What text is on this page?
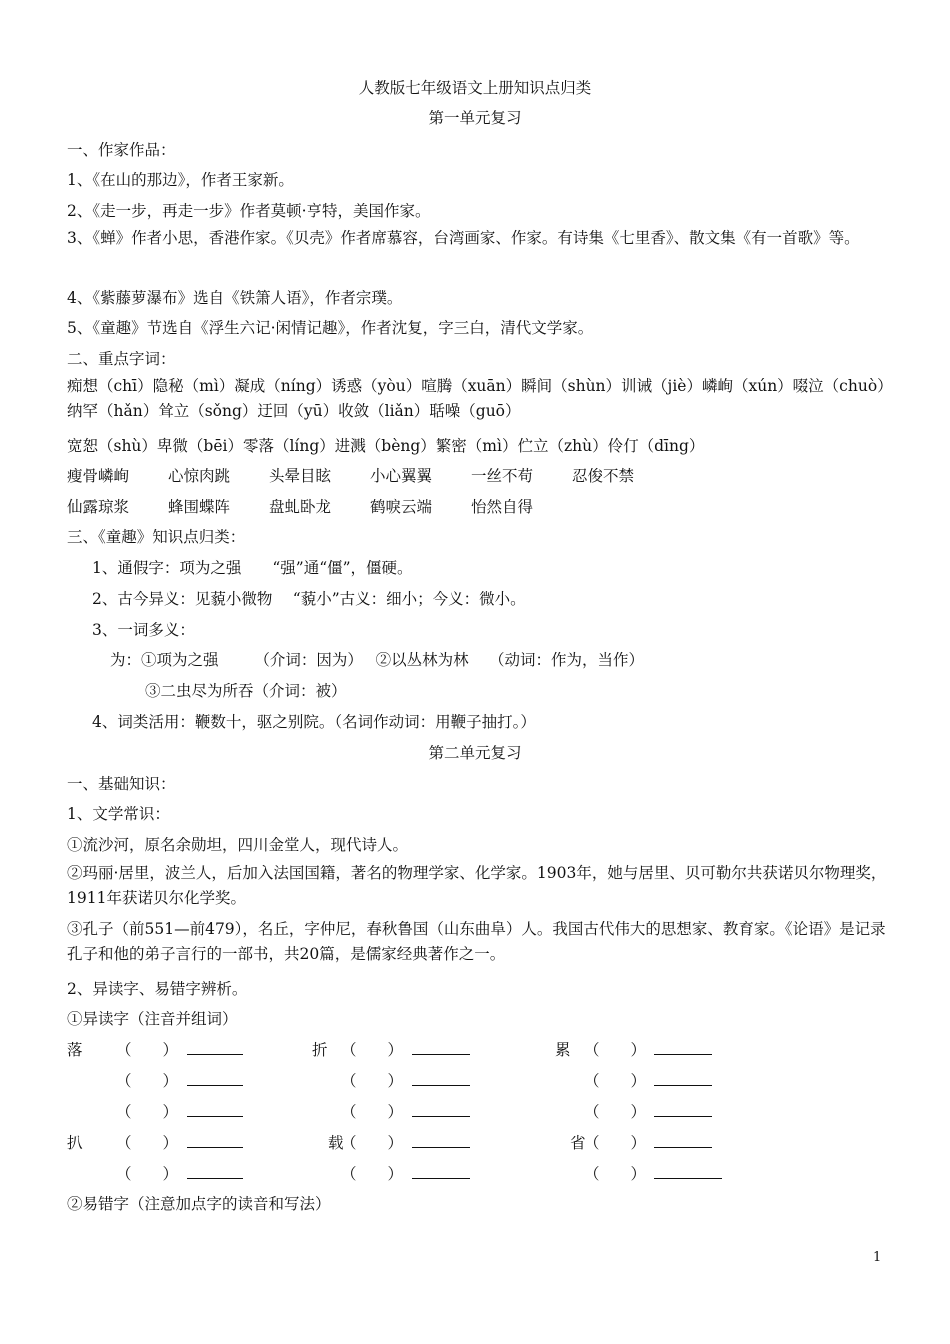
人教版七年级语文上册知识点归类
第一单元复习
一、作家作品：
1、《在山的那边》，作者王家新。
2、《走一步，再走一步》作者莫顿·亨特，美国作家。
3、《蝉》作者小思，香港作家。《贝壳》作者席慕容，台湾画家、作家。有诗集《七里香》、散文集《有一首歌》等。
4、《紫藤萝瀑布》选自《铁箫人语》，作者宗璞。
5、《童趣》节选自《浮生六记·闲情记趣》，作者沈复，字三白，清代文学家。
二、重点字词：
痴想（chī）隐秘（mì）凝成（níng）诱惑（yòu）喧腾（xuān）瞬间（shùn）训诫（jiè）嶙峋（xún）啜泣（chuò）纳罕（hǎn）耸立（sǒng）迂回（yū）收敛（liǎn）聒噪（guō）
宽恕（shù）卑微（bēi）零落（líng）进溅（bèng）繁密（mì）伫立（zhù）伶仃（dīng）
瘦骨嶙峋	心惊肉跳	头晕目眩	小心翼翼	一丝不苟	忍俊不禁
仙露琼浆	蜂围蝶阵	盘虬卧龙	鹤唳云端	怡然自得
三、《童趣》知识点归类：
1、通假字：项为之强　　“强”通“僵”，僵硬。
2、古今异义：见藐小微物　 “藐小”古义：细小；今义：微小。
3、一词多义：
为：①项为之强　　 （介词：因为）　 ②以丛林为林　 （动词：作为，当作）
③二虫尽为所吞（介词：被）
4、词类活用：鞭数十，驱之别院。（名词作动词：用鞭子抽打。）
第二单元复习
一、基础知识：
1、文学常识：
①流沙河，原名余勋坦，四川金堂人，现代诗人。
②玛丽·居里，波兰人，后加入法国国籍，著名的物理学家、化学家。1903年，她与居里、贝可勒尔共获诺贝尔物理奖，1911年获诺贝尔化学奖。
③孔子（前551—前479），名丘，字仲尼，春秋鲁国（山东曲阜）人。我国古代伟大的思想家、教育家。《论语》是记录孔子和他的弟子言行的一部书，共20篇，是儒家经典著作之一。
2、异读字、易错字辨析。
①异读字（注音并组词）
落	折	累
（　　）	（　　）	（　　）
（　　）	（　　）	（　　）
（　　）	（　　）	（　　）
扒	载	省
（　　）	（　　）	（　　）
（　　）	（　　）	（　　）
②易错字（注意加点字的读音和写法）
1
